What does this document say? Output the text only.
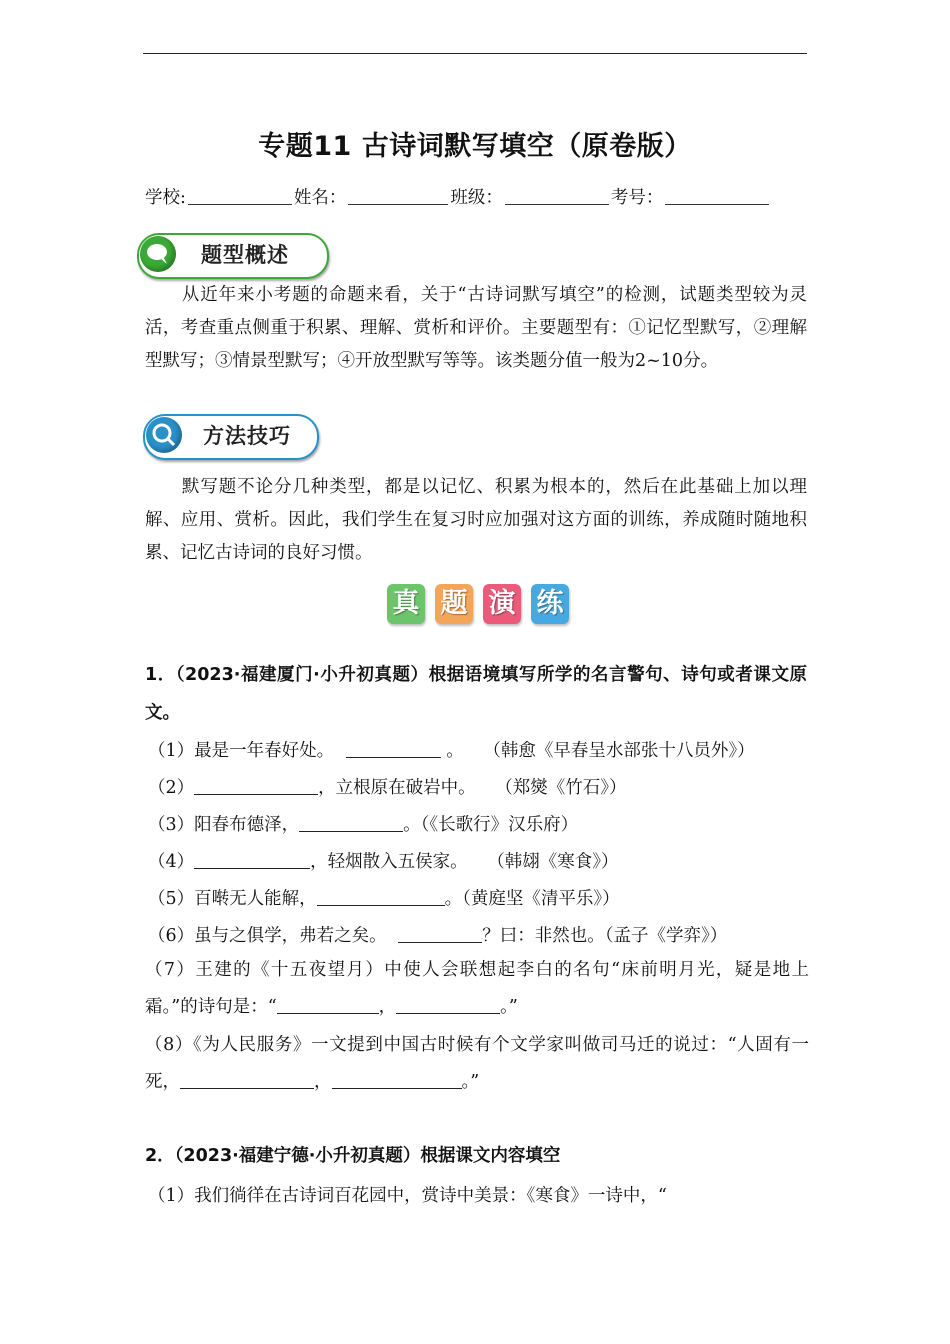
专题11 古诗词默写填空（原卷版）
学校:	姓名：	班级：	考号：
题型概述
从近年来小考题的命题来看，关于“古诗词默写填空”的检测，试题类型较为灵活，考查重点侧重于积累、理解、赏析和评价。主要题型有：①记忆型默写，②理解型默写；③情景型默写；④开放型默写等等。该类题分值一般为2~10分。
方法技巧
默写题不论分几种类型，都是以记忆、积累为根本的，然后在此基础上加以理解、应用、赏析。因此，我们学生在复习时应加强对这方面的训练，养成随时随地积累、记忆古诗词的良好习惯。
真 题 演 练
1．（2023·福建厦门·小升初真题）根据语境填写所学的名言警句、诗句或者课文原文。
（1）最是一年春好处。	。 （韩愈《早春呈水部张十八员外》）
（2）	，立根原在破岩中。 （郑爕《竹石》）
（3）阳春布德泽，	。（《长歌行》汉乐府）
（4）	，轻烟散入五侯家。 （韩翃《寒食》）
（5）百啭无人能解，	。（黄庭坚《清平乐》）
（6）虽与之俱学，弗若之矣。	？曰：非然也。（孟子《学弈》）
（7）王建的《十五夜望月）中使人会联想起李白的名句“床前明月光，疑是地上霜。”的诗句是：“	，	。”
（8）《为人民服务》一文提到中国古时候有个文学家叫做司马迁的说过：“人固有一死，	，	。”
2．（2023·福建宁德·小升初真题）根据课文内容填空
（1）我们徜徉在古诗词百花园中，赏诗中美景：《寒食》一诗中，“
